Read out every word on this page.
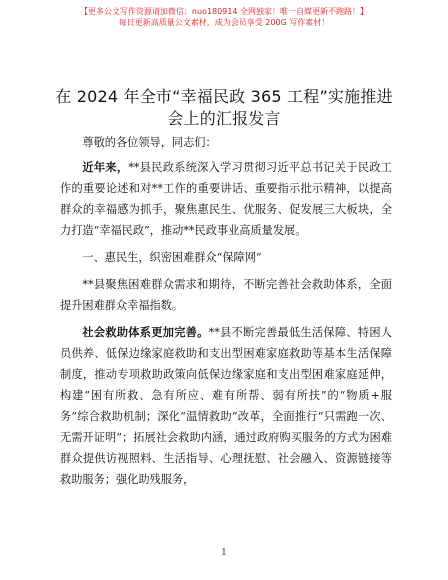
【更多公文写作资源请加微信：nuo180914 全网独家！唯一自媒更新不跑路！】
每日更新高质量公文素材，成为会员享受 200G 写作素材！
在 2024 年全市“幸福民政 365 工程”实施推进
会上的汇报发言

尊敬的各位领导，同志们：

近年来，**县民政系统深入学习贯彻习近平总书记关于民政工作的重要论述和对**工作的重要讲话、重要指示批示精神，以提高群众的幸福感为抓手，聚焦惠民生、优服务、促发展三大板块，全力打造“幸福民政”，推动**民政事业高质量发展。

一、惠民生，织密困难群众“保障网”

**县聚焦困难群众需求和期待，不断完善社会救助体系，全面提升困难群众幸福指数。

社会救助体系更加完善。**县不断完善最低生活保障、特困人员供养、低保边缘家庭救助和支出型困难家庭救助等基本生活保障制度，推动专项救助政策向低保边缘家庭和支出型困难家庭延伸，构建“困有所救、急有所应、难有所帮、弱有所扶”的“物质+服务”综合救助机制；深化“温情救助”改革，全面推行“只需跑一次、无需开证明”；拓展社会救助内涵，通过政府购买服务的方式为困难群众提供访视照料、生活指导、心理抚慰、社会融入、资源链接等救助服务；强化助残服务，

1
